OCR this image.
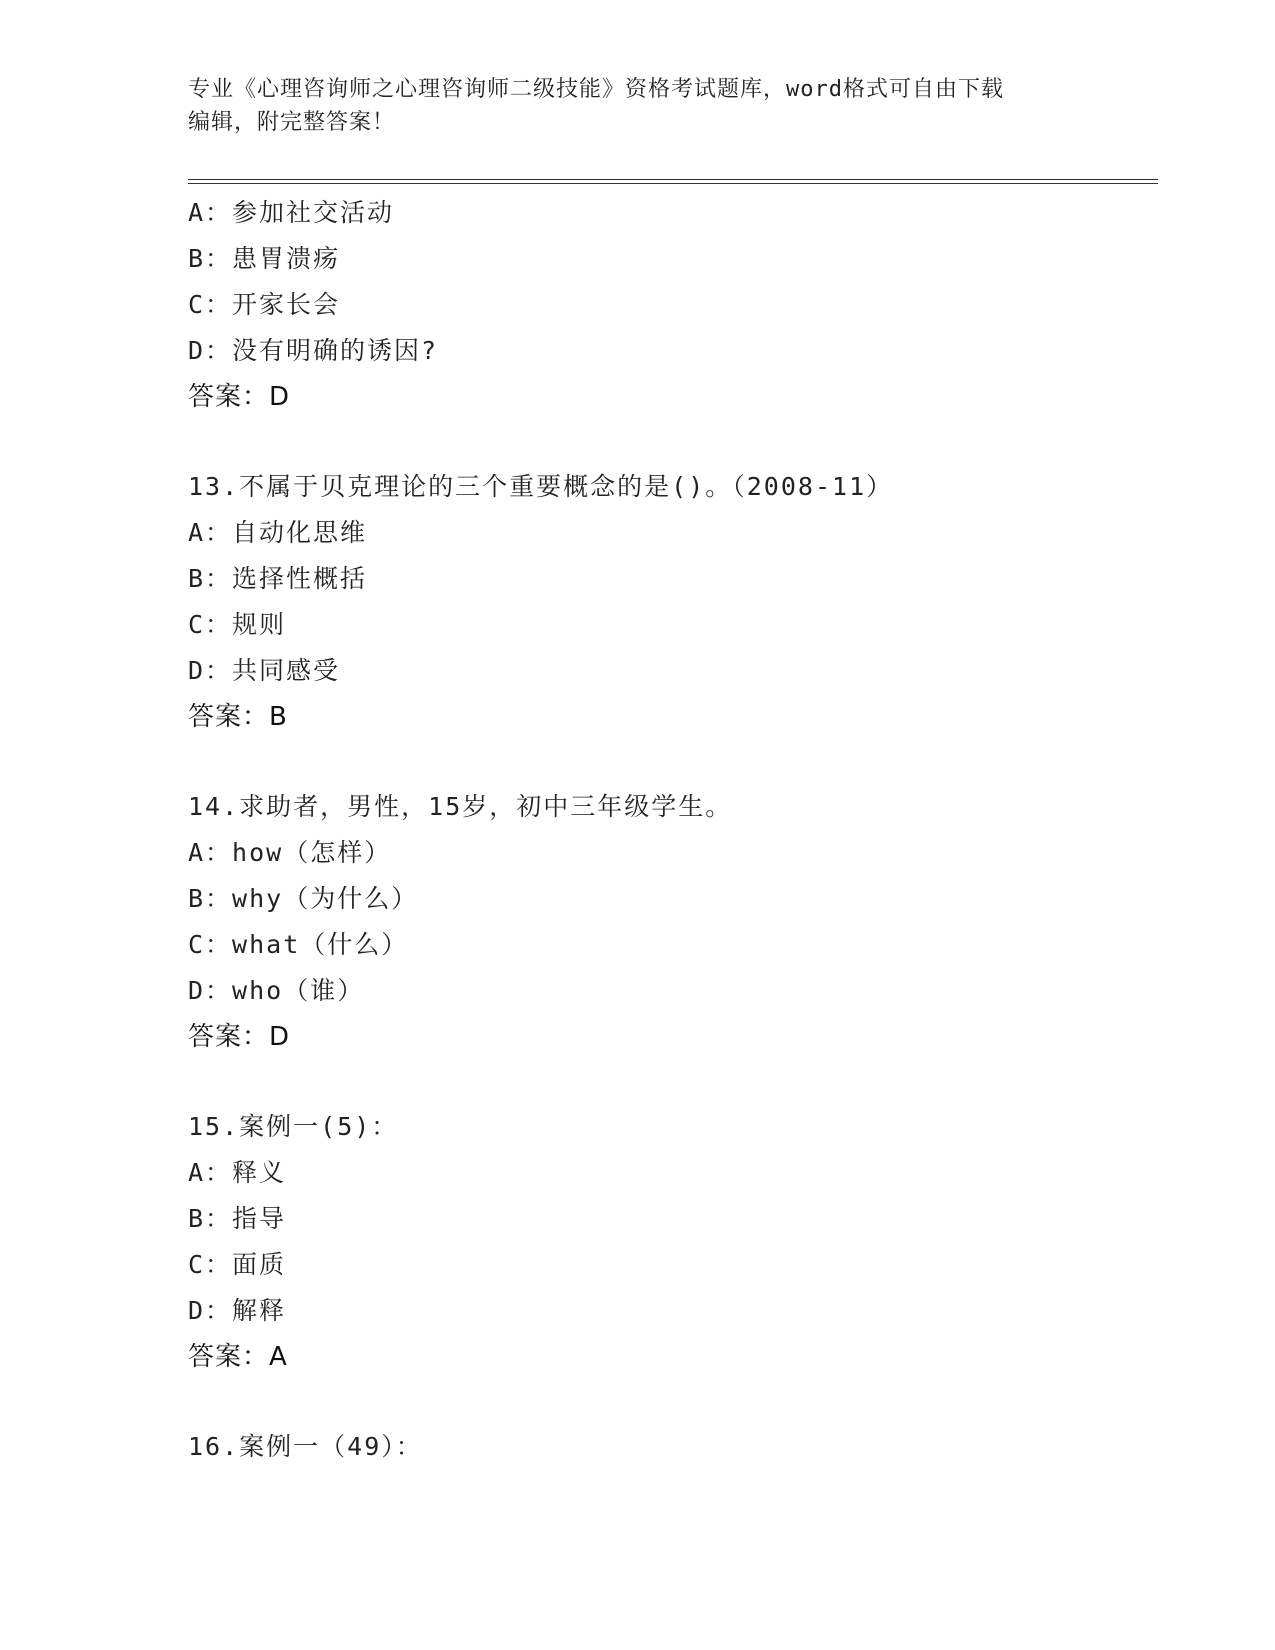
专业《心理咨询师之心理咨询师二级技能》资格考试题库，word格式可自由下载
编辑，附完整答案！
A：参加社交活动
B：患胃溃疡
C：开家长会
D：没有明确的诱因?
答案：D
13.不属于贝克理论的三个重要概念的是()。（2008-11）
A：自动化思维
B：选择性概括
C：规则
D：共同感受
答案：B
14.求助者，男性，15岁，初中三年级学生。
A：how（怎样）
B：why（为什么）
C：what（什么）
D：who（谁）
答案：D
15.案例一(5)：
A：释义
B：指导
C：面质
D：解释
答案：A
16.案例一（49）：
